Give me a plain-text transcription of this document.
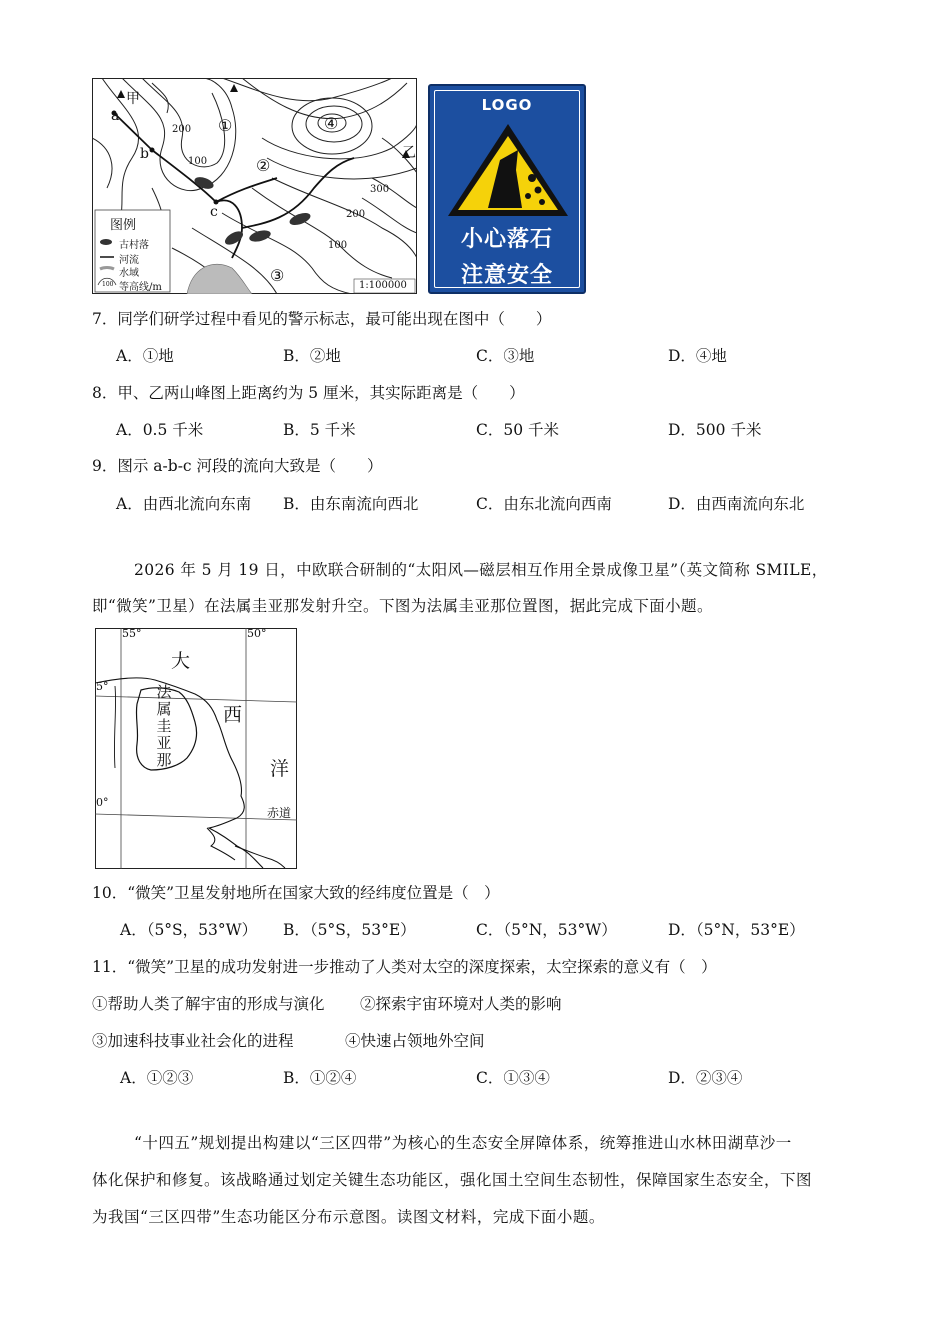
甲
乙
①
②
③
④
a
b
c
200
100
300
200
100
图例
古村落
河流
水域
100 等高线/m	1:100000
LOGO
小心落石
注意安全
7．同学们研学过程中看见的警示标志，最可能出现在图中（　　）
A．①地	B．②地	C．③地	D．④地
8．甲、乙两山峰图上距离约为 5 厘米，其实际距离是（　　）
A．0.5 千米	B．5 千米	C．50 千米	D．500 千米
9．图示 a-b-c 河段的流向大致是（　　）
A．由西北流向东南 B．由东南流向西北	C．由东北流向西南	D．由西南流向东北
2026 年 5 月 19 日，中欧联合研制的“太阳风—磁层相互作用全景成像卫星”（英文简称 SMILE，
即“微笑”卫星）在法属圭亚那发射升空。下图为法属圭亚那位置图，据此完成下面小题。
55°	50°
5°
0°
大
西
洋
法
属
圭
亚
那
赤道
10．“微笑”卫星发射地所在国家大致的经纬度位置是（　）
A．（5°S，53°W） B．（5°S，53°E）	C．（5°N，53°W）	D．（5°N，53°E）
11．“微笑”卫星的成功发射进一步推动了人类对太空的深度探索，太空探索的意义有（　）
①帮助人类了解宇宙的形成与演化 ②探索宇宙环境对人类的影响
③加速科技事业社会化的进程	④快速占领地外空间
A．①②③	B．①②④	C．①③④	D．②③④
“十四五”规划提出构建以“三区四带”为核心的生态安全屏障体系，统筹推进山水林田湖草沙一
体化保护和修复。该战略通过划定关键生态功能区，强化国土空间生态韧性，保障国家生态安全，下图
为我国“三区四带”生态功能区分布示意图。读图文材料，完成下面小题。
